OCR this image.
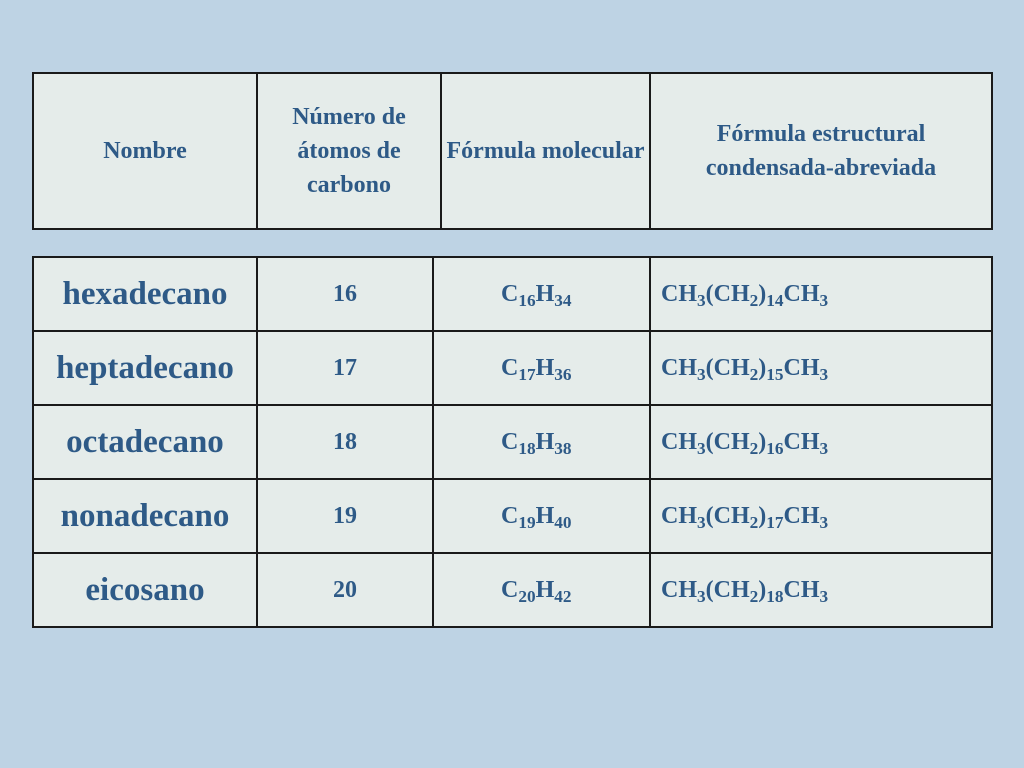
Nombre	Número de átomos de carbono	Fórmula molecular	Fórmula estructural condensada-abreviada
hexadecano	16	$C_{16}H_{34}$	$CH_3(CH_2)_{14}CH_3$
heptadecano	17	$C_{17}H_{36}$	$CH_3(CH_2)_{15}CH_3$
octadecano	18	$C_{18}H_{38}$	$CH_3(CH_2)_{16}CH_3$
nonadecano	19	$C_{19}H_{40}$	$CH_3(CH_2)_{17}CH_3$
eicosano	20	$C_{20}H_{42}$	$CH_3(CH_2)_{18}CH_3$
